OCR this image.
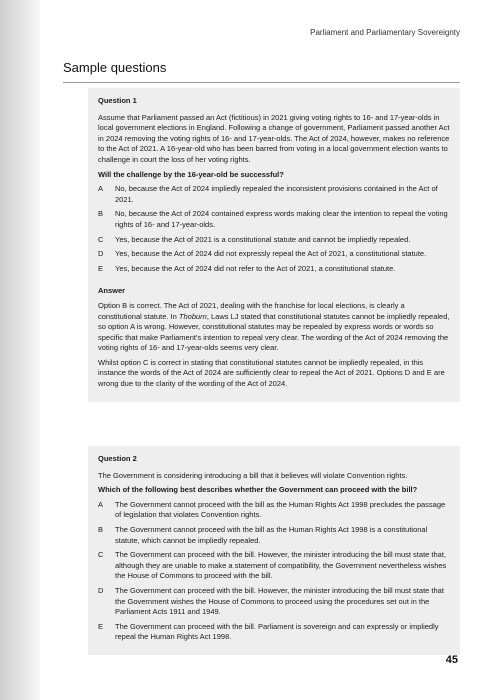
Parliament and Parliamentary Sovereignty
Sample questions

Question 1

Assume that Parliament passed an Act (fictitious) in 2021 giving voting rights to 16- and 17-year-olds in local government elections in England. Following a change of government, Parliament passed another Act in 2024 removing the voting rights of 16- and 17-year-olds. The Act of 2024, however, makes no reference to the Act of 2021. A 16-year-old who has been barred from voting in a local government election wants to challenge in court the loss of her voting rights.

Will the challenge by the 16-year-old be successful?

A	No, because the Act of 2024 impliedly repealed the inconsistent provisions contained in the Act of 2021.
B	No, because the Act of 2024 contained express words making clear the intention to repeal the voting rights of 16- and 17-year-olds.
C	Yes, because the Act of 2021 is a constitutional statute and cannot be impliedly repealed.
D	Yes, because the Act of 2024 did not expressly repeal the Act of 2021, a constitutional statute.
E	Yes, because the Act of 2024 did not refer to the Act of 2021, a constitutional statute.

Answer

Option B is correct. The Act of 2021, dealing with the franchise for local elections, is clearly a constitutional statute. In Thoburn, Laws LJ stated that constitutional statutes cannot be impliedly repealed, so option A is wrong. However, constitutional statutes may be repealed by express words or words so specific that make Parliament's intention to repeal very clear. The wording of the Act of 2024 removing the voting rights of 16- and 17-year-olds seems very clear.

Whilst option C is correct in stating that constitutional statutes cannot be impliedly repealed, in this instance the words of the Act of 2024 are sufficiently clear to repeal the Act of 2021. Options D and E are wrong due to the clarity of the wording of the Act of 2024.

Question 2

The Government is considering introducing a bill that it believes will violate Convention rights.

Which of the following best describes whether the Government can proceed with the bill?

A	The Government cannot proceed with the bill as the Human Rights Act 1998 precludes the passage of legislation that violates Convention rights.
B	The Government cannot proceed with the bill as the Human Rights Act 1998 is a constitutional statute, which cannot be impliedly repealed.
C	The Government can proceed with the bill. However, the minister introducing the bill must state that, although they are unable to make a statement of compatibility, the Government nevertheless wishes the House of Commons to proceed with the bill.
D	The Government can proceed with the bill. However, the minister introducing the bill must state that the Government wishes the House of Commons to proceed using the procedures set out in the Parliament Acts 1911 and 1949.
E	The Government can proceed with the bill. Parliament is sovereign and can expressly or impliedly repeal the Human Rights Act 1998.
45
